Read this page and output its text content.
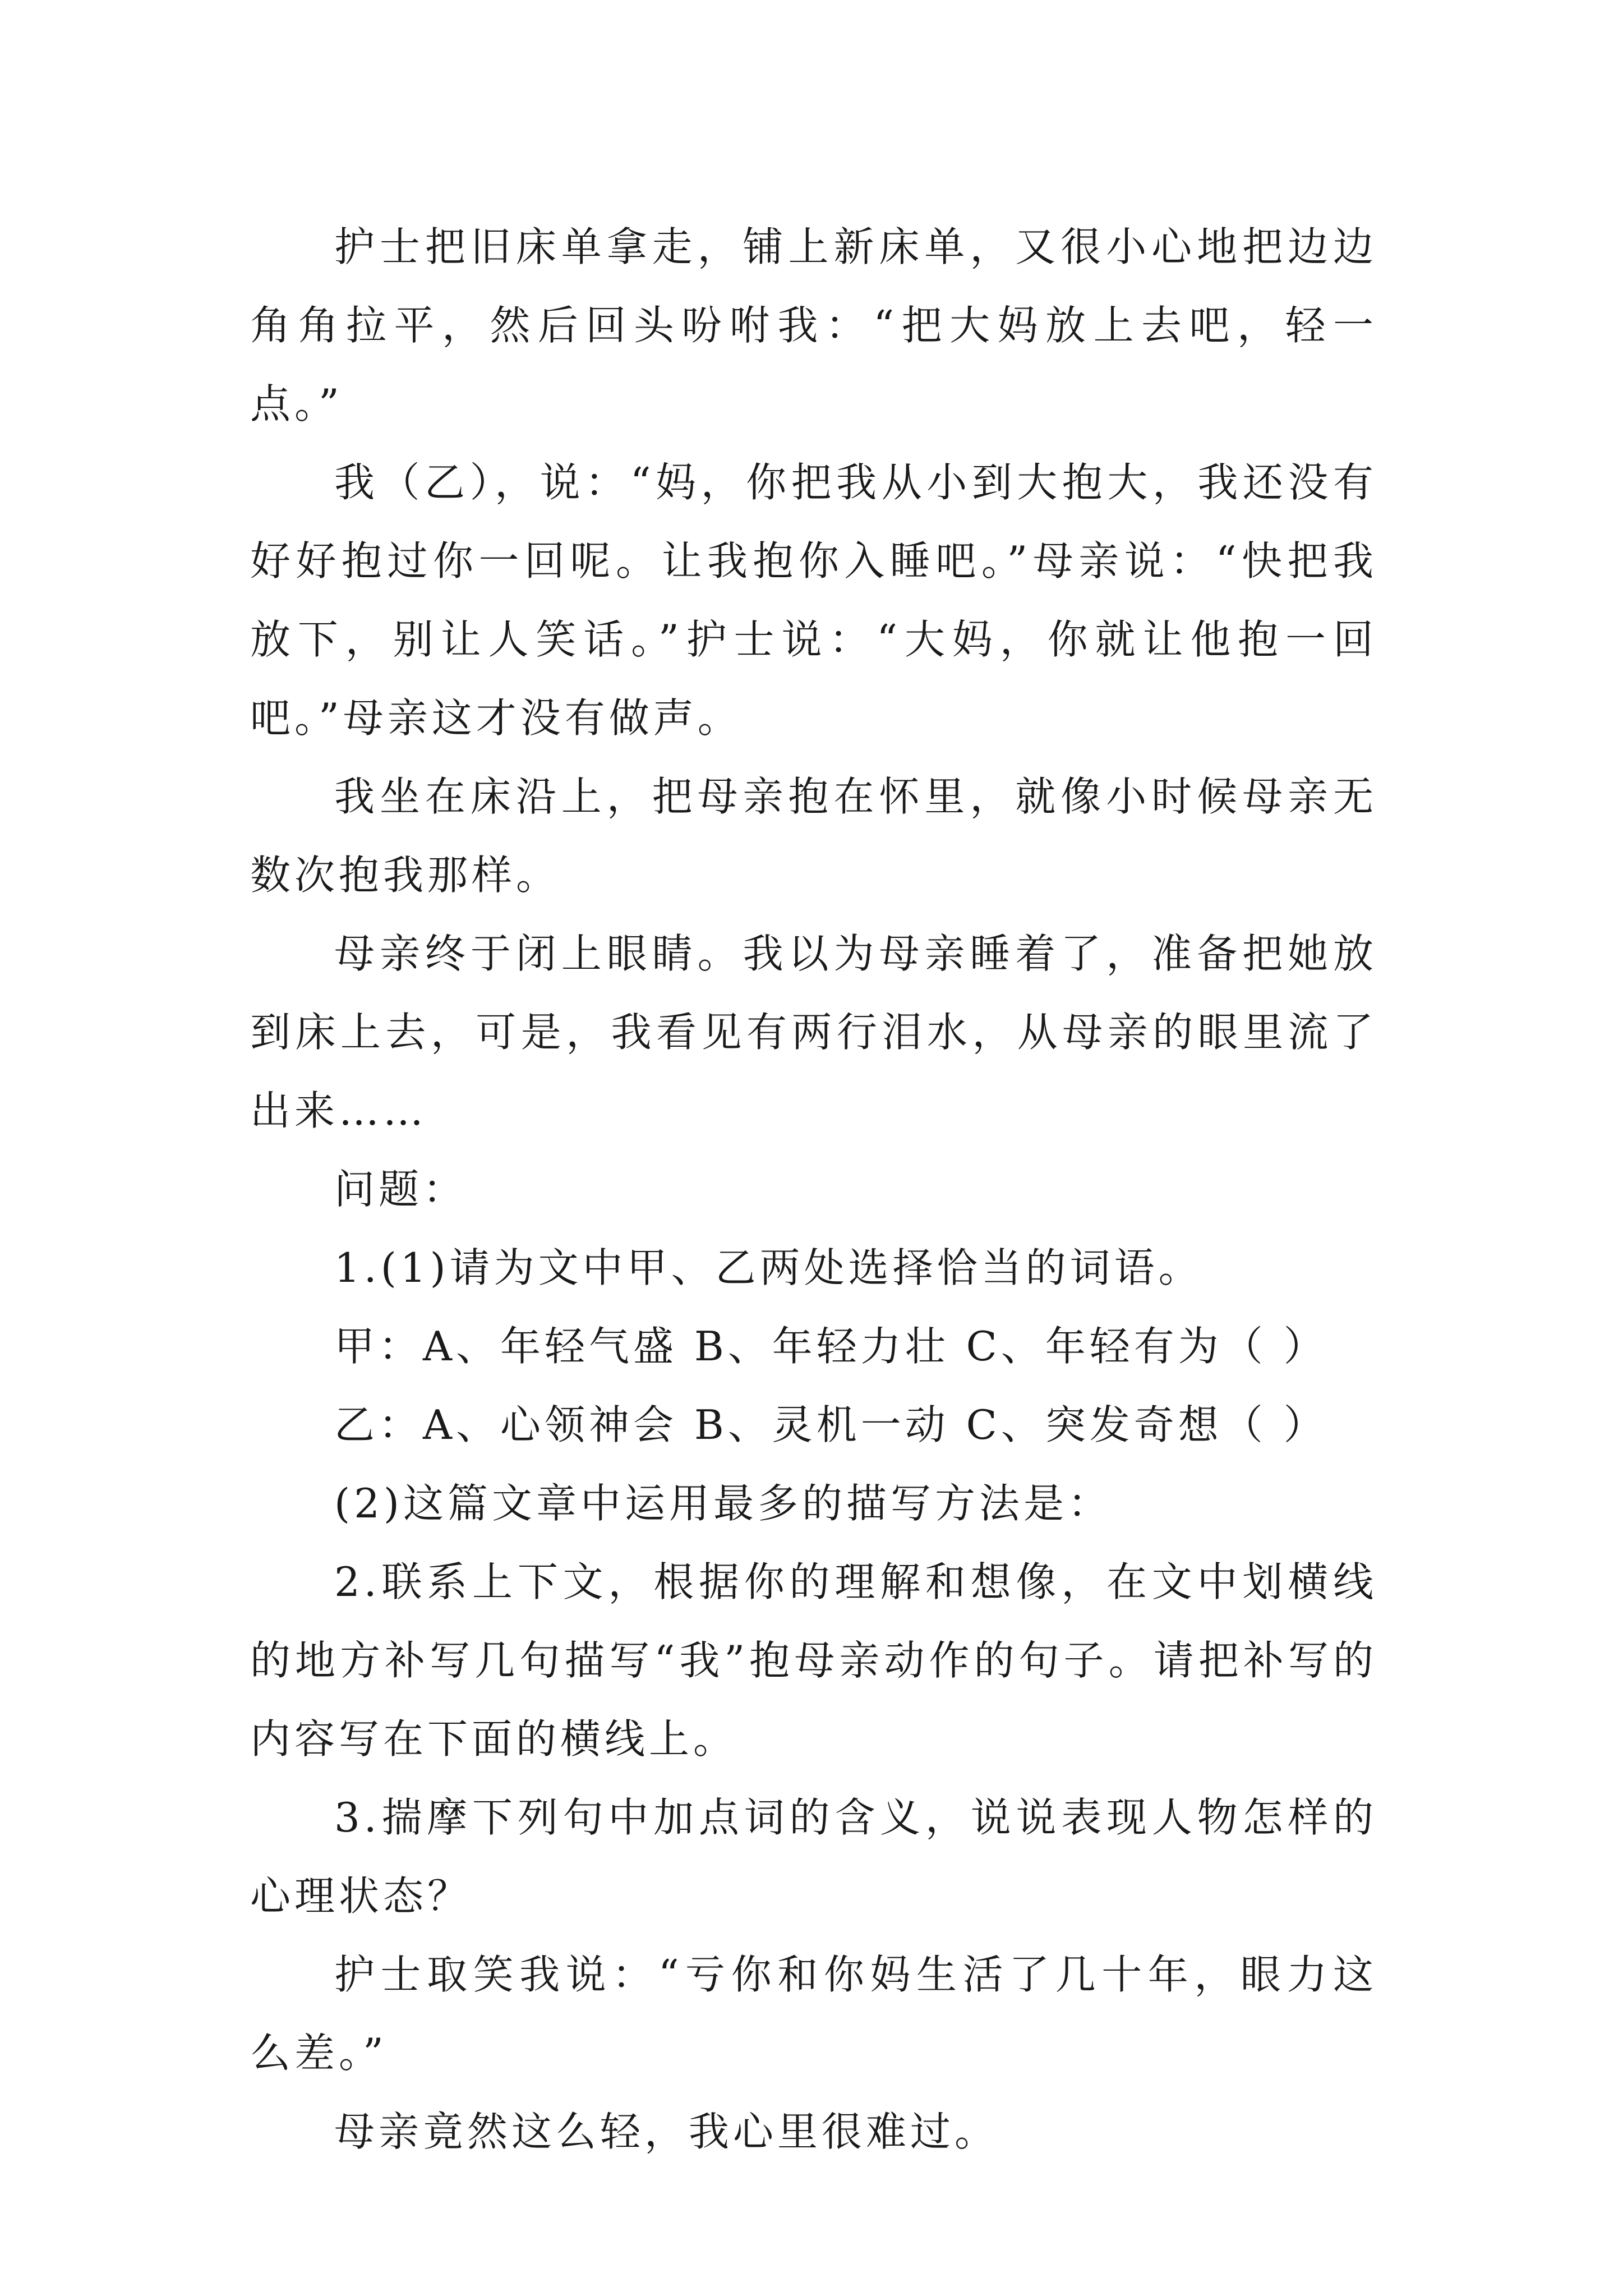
护士把旧床单拿走，铺上新床单，又很小心地把边边角角拉平，然后回头吩咐我：“把大妈放上去吧，轻一点。”

我（乙），说：“妈，你把我从小到大抱大，我还没有好好抱过你一回呢。让我抱你入睡吧。”母亲说：“快把我放下，别让人笑话。”护士说：“大妈，你就让他抱一回吧。”母亲这才没有做声。

我坐在床沿上，把母亲抱在怀里，就像小时候母亲无数次抱我那样。

母亲终于闭上眼睛。我以为母亲睡着了，准备把她放到床上去，可是，我看见有两行泪水，从母亲的眼里流了出来……

问题：

1.(1)请为文中甲、乙两处选择恰当的词语。

甲：A、年轻气盛 B、年轻力壮 C、年轻有为（ ）

乙：A、心领神会 B、灵机一动 C、突发奇想（ ）

(2)这篇文章中运用最多的描写方法是：

2.联系上下文，根据你的理解和想像，在文中划横线的地方补写几句描写“我”抱母亲动作的句子。请把补写的内容写在下面的横线上。

3.揣摩下列句中加点词的含义，说说表现人物怎样的心理状态？

护士取笑我说：“亏你和你妈生活了几十年，眼力这么差。”

母亲竟然这么轻，我心里很难过。
